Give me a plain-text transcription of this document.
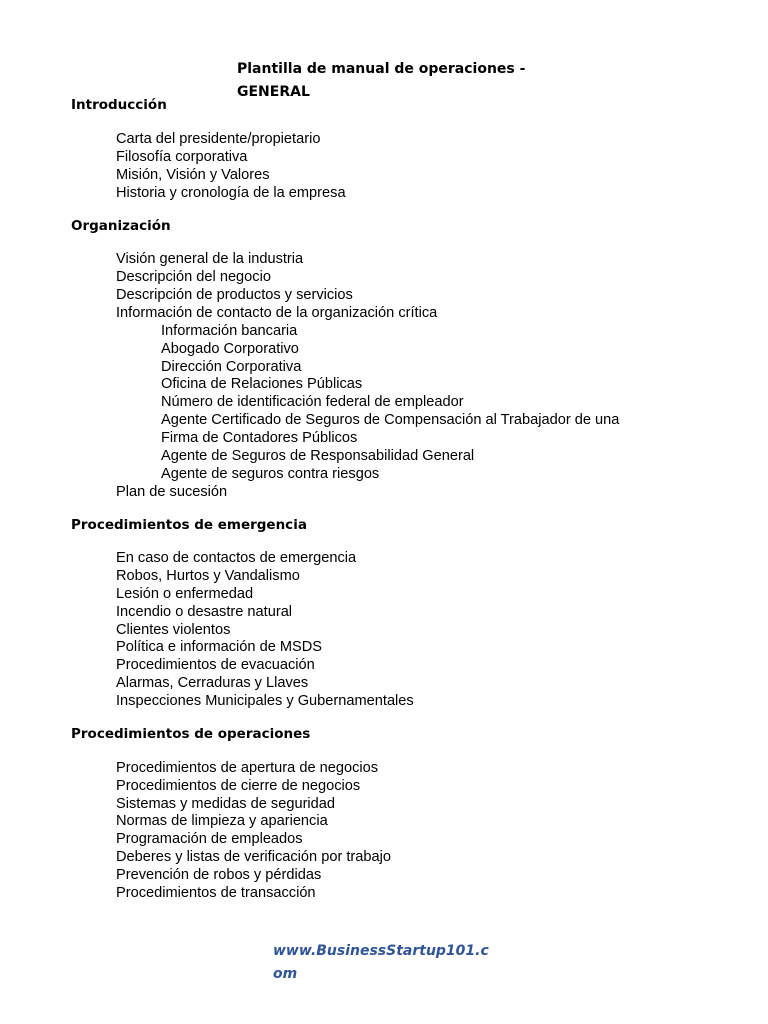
Plantilla de manual de operaciones -
GENERAL
Introducción
Carta del presidente/propietario
Filosofía corporativa
Misión, Visión y Valores
Historia y cronología de la empresa
Organización
Visión general de la industria
Descripción del negocio
Descripción de productos y servicios
Información de contacto de la organización crítica
Información bancaria
Abogado Corporativo
Dirección Corporativa
Oficina de Relaciones Públicas
Número de identificación federal de empleador
Agente Certificado de Seguros de Compensación al Trabajador de una
Firma de Contadores Públicos
Agente de Seguros de Responsabilidad General
Agente de seguros contra riesgos
Plan de sucesión
Procedimientos de emergencia
En caso de contactos de emergencia
Robos, Hurtos y Vandalismo
Lesión o enfermedad
Incendio o desastre natural
Clientes violentos
Política e información de MSDS
Procedimientos de evacuación
Alarmas, Cerraduras y Llaves
Inspecciones Municipales y Gubernamentales
Procedimientos de operaciones
Procedimientos de apertura de negocios
Procedimientos de cierre de negocios
Sistemas y medidas de seguridad
Normas de limpieza y apariencia
Programación de empleados
Deberes y listas de verificación por trabajo
Prevención de robos y pérdidas
Procedimientos de transacción
www.BusinessStartup101.com
